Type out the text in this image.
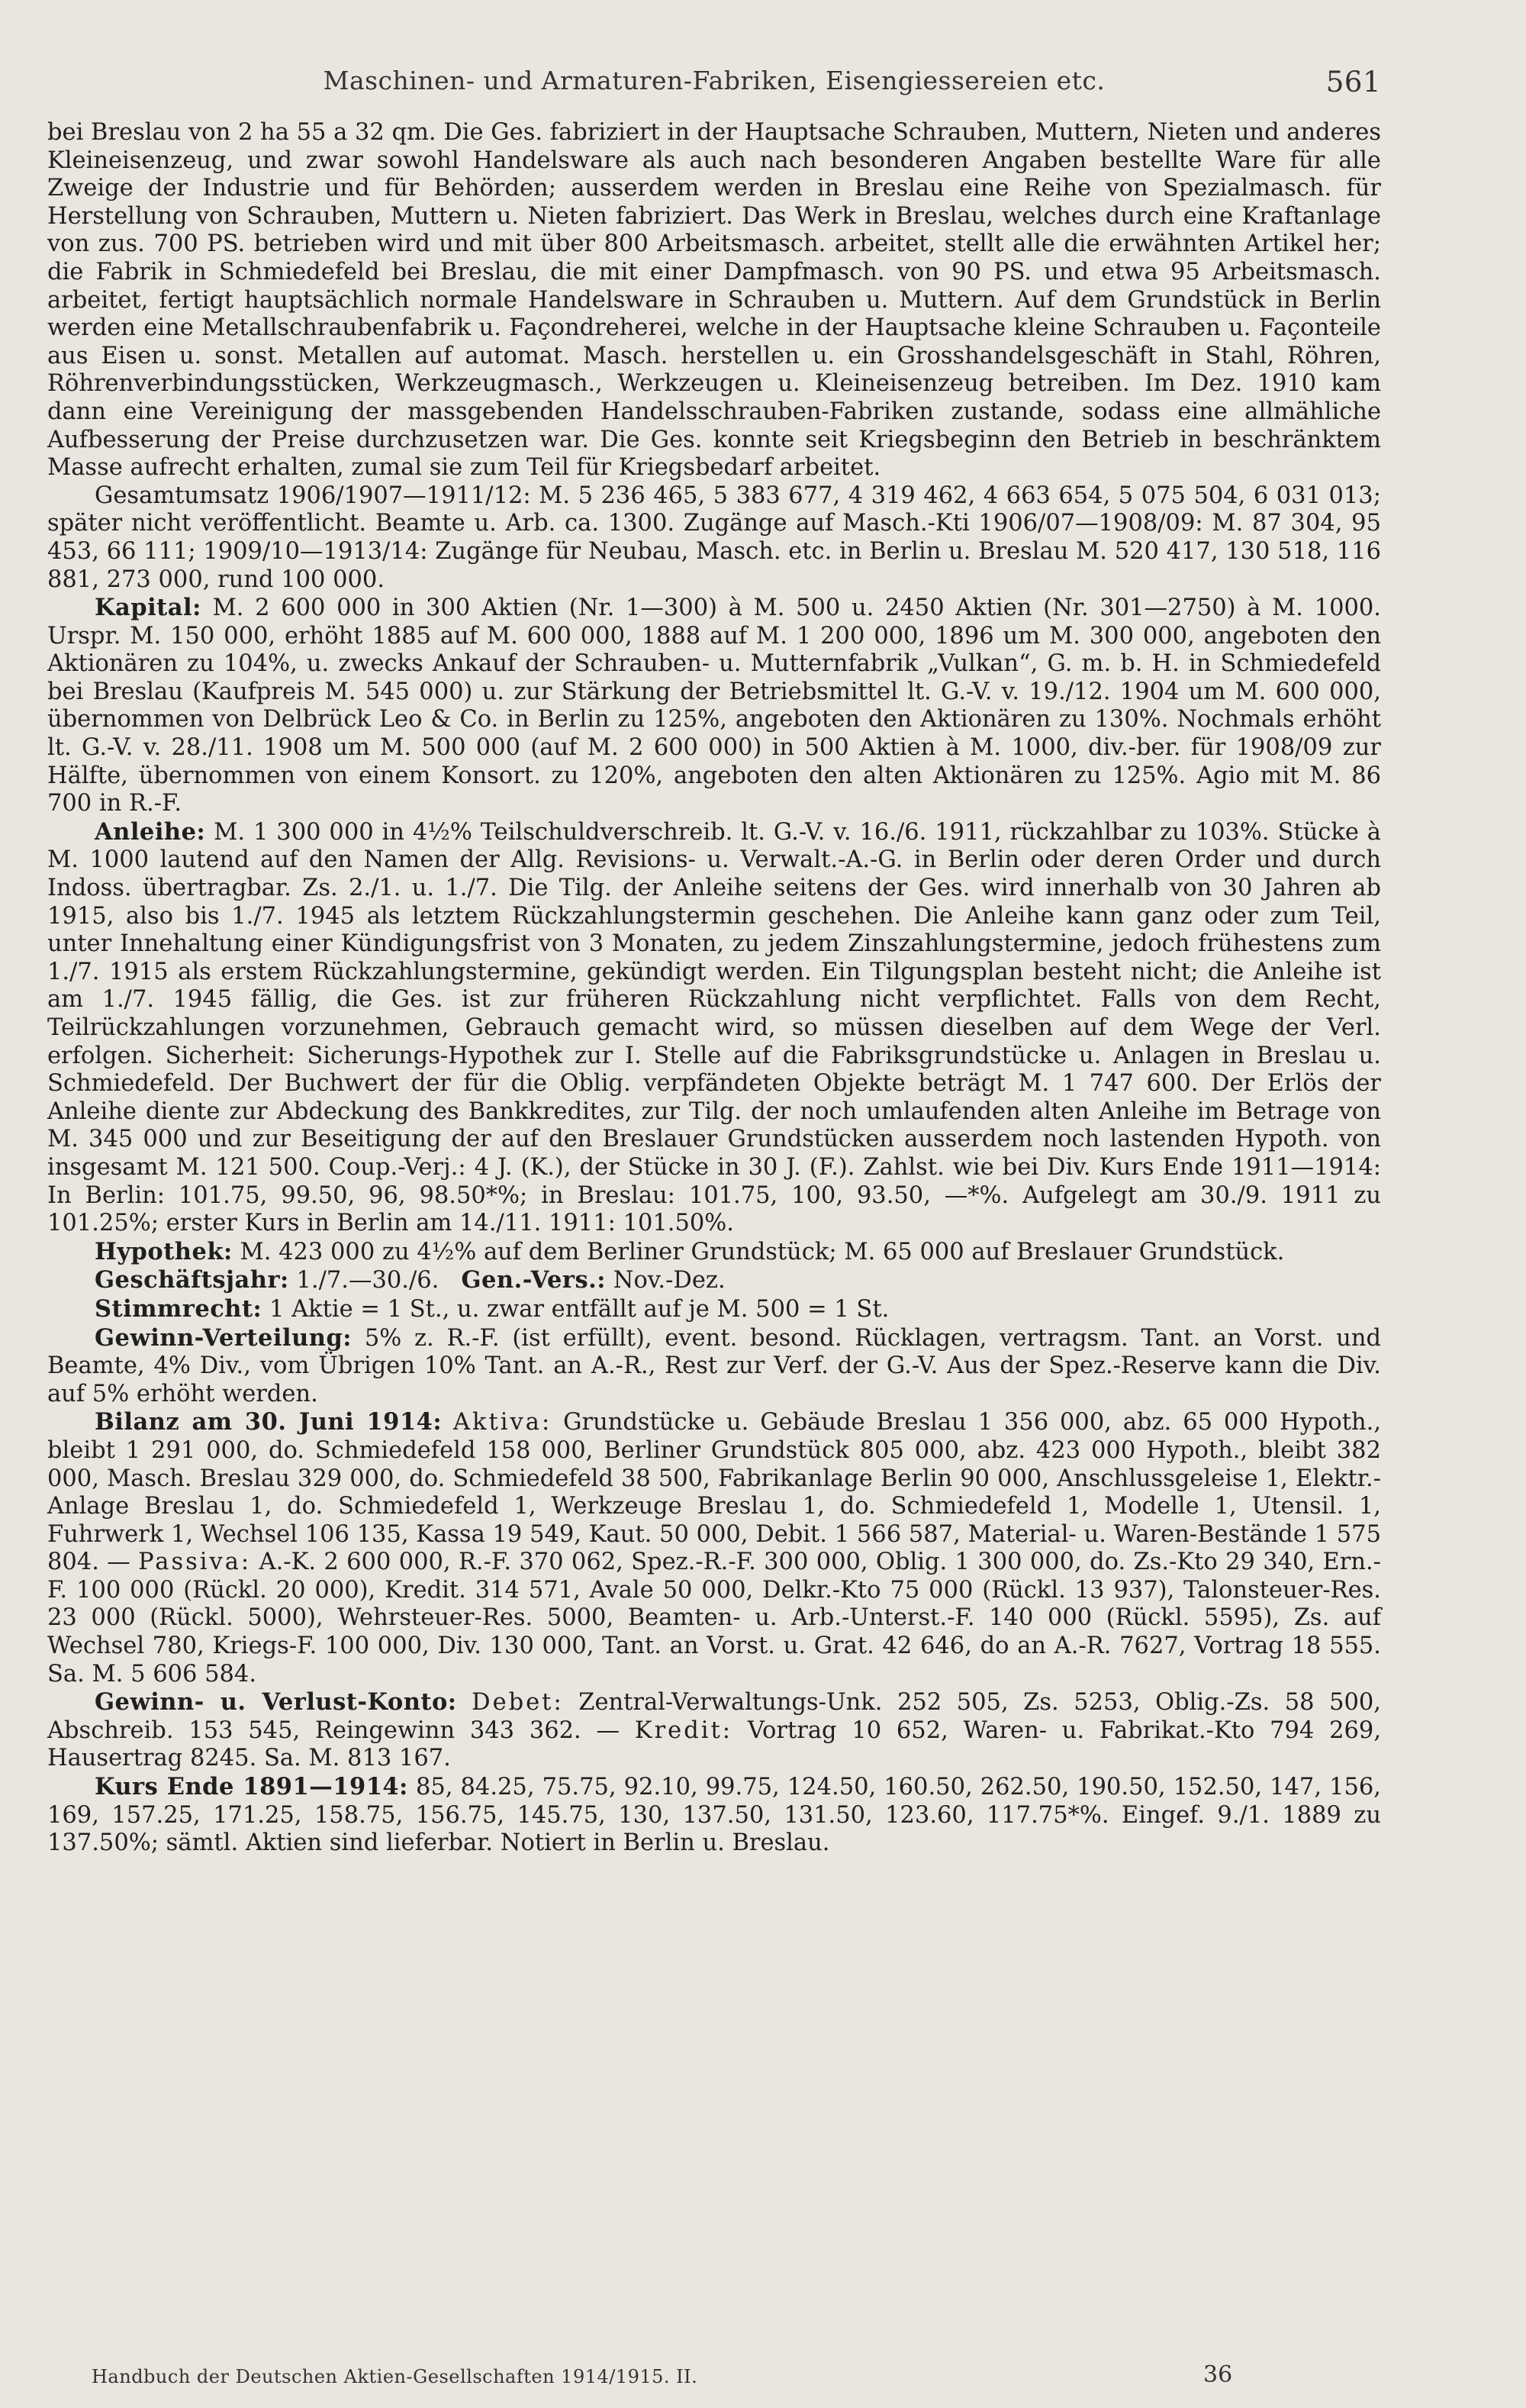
Maschinen- und Armaturen-Fabriken, Eisengiessereien etc.	561

bei Breslau von 2 ha 55 a 32 qm. Die Ges. fabriziert in der Hauptsache Schrauben, Muttern, Nieten und anderes Kleineisenzeug, und zwar sowohl Handelsware als auch nach besonderen Angaben bestellte Ware für alle Zweige der Industrie und für Behörden; ausserdem werden in Breslau eine Reihe von Spezialmasch. für Herstellung von Schrauben, Muttern u. Nieten fabriziert. Das Werk in Breslau, welches durch eine Kraftanlage von zus. 700 PS. betrieben wird und mit über 800 Arbeitsmasch. arbeitet, stellt alle die erwähnten Artikel her; die Fabrik in Schmiedefeld bei Breslau, die mit einer Dampfmasch. von 90 PS. und etwa 95 Arbeitsmasch. arbeitet, fertigt hauptsächlich normale Handelsware in Schrauben u. Muttern. Auf dem Grundstück in Berlin werden eine Metallschraubenfabrik u. Façondreherei, welche in der Hauptsache kleine Schrauben u. Façonteile aus Eisen u. sonst. Metallen auf automat. Masch. herstellen u. ein Grosshandelsgeschäft in Stahl, Röhren, Röhrenverbindungsstücken, Werkzeugmasch., Werkzeugen u. Kleineisenzeug betreiben. Im Dez. 1910 kam dann eine Vereinigung der massgebenden Handelsschrauben-Fabriken zustande, sodass eine allmähliche Aufbesserung der Preise durchzusetzen war. Die Ges. konnte seit Kriegsbeginn den Betrieb in beschränktem Masse aufrecht erhalten, zumal sie zum Teil für Kriegsbedarf arbeitet.

Gesamtumsatz 1906/1907—1911/12: M. 5 236 465, 5 383 677, 4 319 462, 4 663 654, 5 075 504, 6 031 013; später nicht veröffentlicht. Beamte u. Arb. ca. 1300. Zugänge auf Masch.-Kti 1906/07—1908/09: M. 87 304, 95 453, 66 111; 1909/10—1913/14: Zugänge für Neubau, Masch. etc. in Berlin u. Breslau M. 520 417, 130 518, 116 881, 273 000, rund 100 000.

Kapital: M. 2 600 000 in 300 Aktien (Nr. 1—300) à M. 500 u. 2450 Aktien (Nr. 301—2750) à M. 1000. Urspr. M. 150 000, erhöht 1885 auf M. 600 000, 1888 auf M. 1 200 000, 1896 um M. 300 000, angeboten den Aktionären zu 104%, u. zwecks Ankauf der Schrauben- u. Mutternfabrik „Vulkan“, G. m. b. H. in Schmiedefeld bei Breslau (Kaufpreis M. 545 000) u. zur Stärkung der Betriebsmittel lt. G.-V. v. 19./12. 1904 um M. 600 000, übernommen von Delbrück Leo & Co. in Berlin zu 125%, angeboten den Aktionären zu 130%. Nochmals erhöht lt. G.-V. v. 28./11. 1908 um M. 500 000 (auf M. 2 600 000) in 500 Aktien à M. 1000, div.-ber. für 1908/09 zur Hälfte, übernommen von einem Konsort. zu 120%, angeboten den alten Aktionären zu 125%. Agio mit M. 86 700 in R.-F.

Anleihe: M. 1 300 000 in 4½% Teilschuldverschreib. lt. G.-V. v. 16./6. 1911, rückzahlbar zu 103%. Stücke à M. 1000 lautend auf den Namen der Allg. Revisions- u. Verwalt.-A.-G. in Berlin oder deren Order und durch Indoss. übertragbar. Zs. 2./1. u. 1./7. Die Tilg. der Anleihe seitens der Ges. wird innerhalb von 30 Jahren ab 1915, also bis 1./7. 1945 als letztem Rückzahlungstermin geschehen. Die Anleihe kann ganz oder zum Teil, unter Innehaltung einer Kündigungsfrist von 3 Monaten, zu jedem Zinszahlungstermine, jedoch frühestens zum 1./7. 1915 als erstem Rückzahlungstermine, gekündigt werden. Ein Tilgungsplan besteht nicht; die Anleihe ist am 1./7. 1945 fällig, die Ges. ist zur früheren Rückzahlung nicht verpflichtet. Falls von dem Recht, Teilrückzahlungen vorzunehmen, Gebrauch gemacht wird, so müssen dieselben auf dem Wege der Verl. erfolgen. Sicherheit: Sicherungs-Hypothek zur I. Stelle auf die Fabriksgrundstücke u. Anlagen in Breslau u. Schmiedefeld. Der Buchwert der für die Oblig. verpfändeten Objekte beträgt M. 1 747 600. Der Erlös der Anleihe diente zur Abdeckung des Bankkredites, zur Tilg. der noch umlaufenden alten Anleihe im Betrage von M. 345 000 und zur Beseitigung der auf den Breslauer Grundstücken ausserdem noch lastenden Hypoth. von insgesamt M. 121 500. Coup.-Verj.: 4 J. (K.), der Stücke in 30 J. (F.). Zahlst. wie bei Div. Kurs Ende 1911—1914: In Berlin: 101.75, 99.50, 96, 98.50*%; in Breslau: 101.75, 100, 93.50, —*%. Aufgelegt am 30./9. 1911 zu 101.25%; erster Kurs in Berlin am 14./11. 1911: 101.50%.

Hypothek: M. 423 000 zu 4½% auf dem Berliner Grundstück; M. 65 000 auf Breslauer Grundstück.

Geschäftsjahr: 1./7.—30./6. Gen.-Vers.: Nov.-Dez.

Stimmrecht: 1 Aktie = 1 St., u. zwar entfällt auf je M. 500 = 1 St.

Gewinn-Verteilung: 5% z. R.-F. (ist erfüllt), event. besond. Rücklagen, vertragsm. Tant. an Vorst. und Beamte, 4% Div., vom Übrigen 10% Tant. an A.-R., Rest zur Verf. der G.-V. Aus der Spez.-Reserve kann die Div. auf 5% erhöht werden.

Bilanz am 30. Juni 1914: Aktiva: Grundstücke u. Gebäude Breslau 1 356 000, abz. 65 000 Hypoth., bleibt 1 291 000, do. Schmiedefeld 158 000, Berliner Grundstück 805 000, abz. 423 000 Hypoth., bleibt 382 000, Masch. Breslau 329 000, do. Schmiedefeld 38 500, Fabrikanlage Berlin 90 000, Anschlussgeleise 1, Elektr.-Anlage Breslau 1, do. Schmiedefeld 1, Werkzeuge Breslau 1, do. Schmiedefeld 1, Modelle 1, Utensil. 1, Fuhrwerk 1, Wechsel 106 135, Kassa 19 549, Kaut. 50 000, Debit. 1 566 587, Material- u. Waren-Bestände 1 575 804. — Passiva: A.-K. 2 600 000, R.-F. 370 062, Spez.-R.-F. 300 000, Oblig. 1 300 000, do. Zs.-Kto 29 340, Ern.-F. 100 000 (Rückl. 20 000), Kredit. 314 571, Avale 50 000, Delkr.-Kto 75 000 (Rückl. 13 937), Talonsteuer-Res. 23 000 (Rückl. 5000), Wehrsteuer-Res. 5000, Beamten- u. Arb.-Unterst.-F. 140 000 (Rückl. 5595), Zs. auf Wechsel 780, Kriegs-F. 100 000, Div. 130 000, Tant. an Vorst. u. Grat. 42 646, do an A.-R. 7627, Vortrag 18 555. Sa. M. 5 606 584.

Gewinn- u. Verlust-Konto: Debet: Zentral-Verwaltungs-Unk. 252 505, Zs. 5253, Oblig.-Zs. 58 500, Abschreib. 153 545, Reingewinn 343 362. — Kredit: Vortrag 10 652, Waren- u. Fabrikat.-Kto 794 269, Hausertrag 8245. Sa. M. 813 167.

Kurs Ende 1891—1914: 85, 84.25, 75.75, 92.10, 99.75, 124.50, 160.50, 262.50, 190.50, 152.50, 147, 156, 169, 157.25, 171.25, 158.75, 156.75, 145.75, 130, 137.50, 131.50, 123.60, 117.75*%. Eingef. 9./1. 1889 zu 137.50%; sämtl. Aktien sind lieferbar. Notiert in Berlin u. Breslau.

Handbuch der Deutschen Aktien-Gesellschaften 1914/1915. II.	36
